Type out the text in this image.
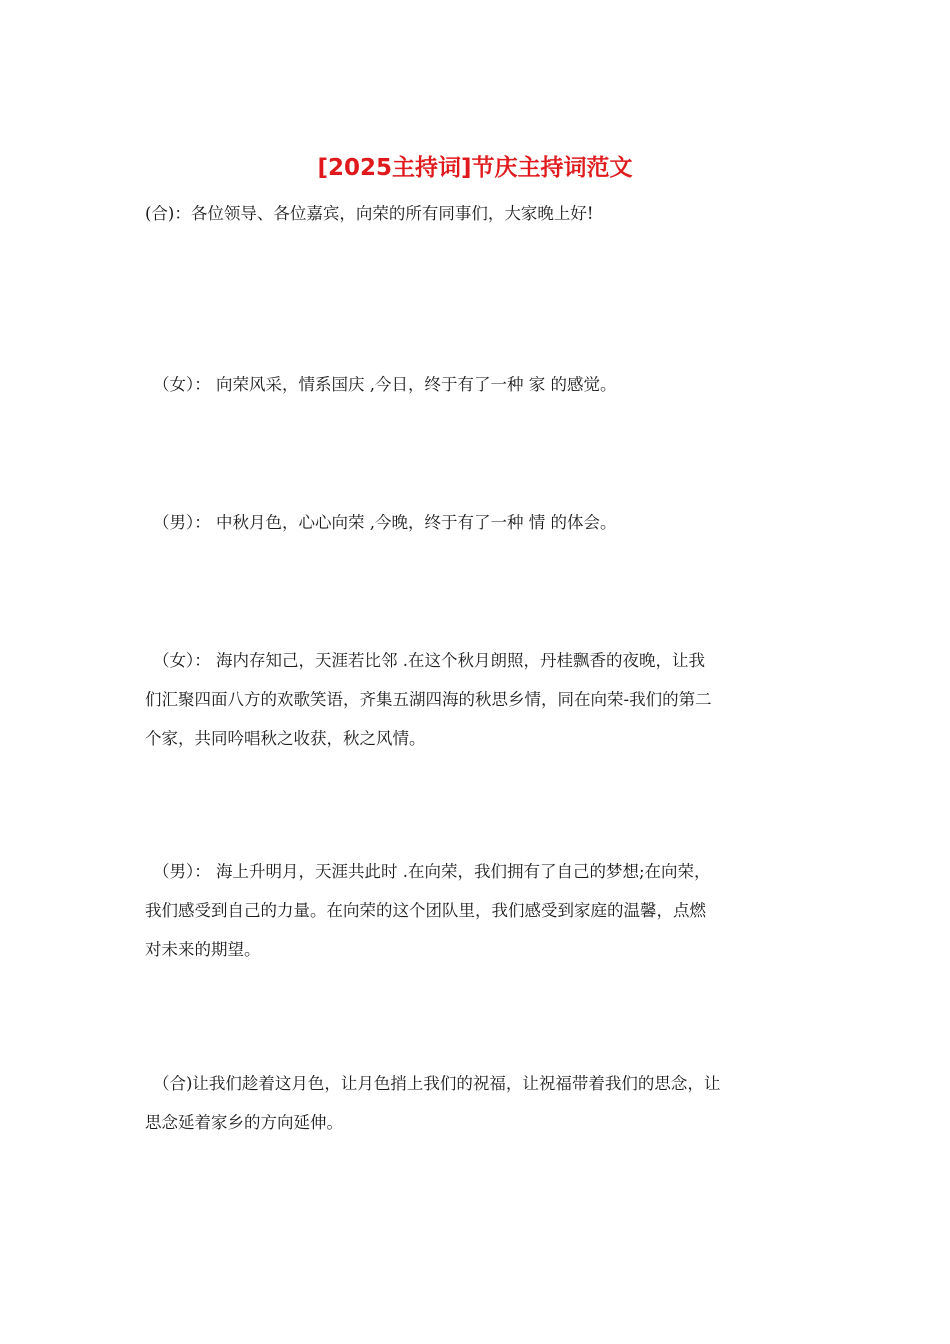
[2025主持词]节庆主持词范文

(合)：各位领导、各位嘉宾，向荣的所有同事们，大家晚上好!

（女）： 向荣风采，情系国庆 ,今日，终于有了一种 家 的感觉。

（男）： 中秋月色，心心向荣 ,今晚，终于有了一种 情 的体会。

（女）： 海内存知己，天涯若比邻 .在这个秋月朗照，丹桂飘香的夜晚，让我
们汇聚四面八方的欢歌笑语，齐集五湖四海的秋思乡情，同在向荣-我们的第二
个家，共同吟唱秋之收获，秋之风情。

（男）： 海上升明月，天涯共此时 .在向荣，我们拥有了自己的梦想;在向荣，
我们感受到自己的力量。在向荣的这个团队里，我们感受到家庭的温馨，点燃
对未来的期望。

（合)让我们趁着这月色，让月色捎上我们的祝福，让祝福带着我们的思念，让
思念延着家乡的方向延伸。
